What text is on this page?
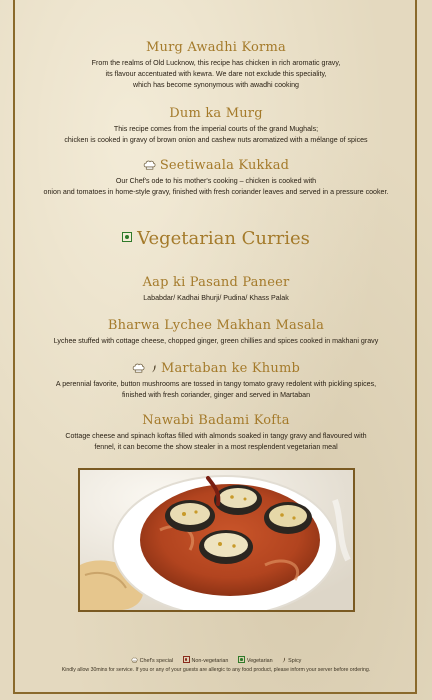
Murg Awadhi Korma
From the realms of Old Lucknow, this recipe has chicken in rich aromatic gravy,
its flavour accentuated with kewra. We dare not exclude this speciality,
which has become synonymous with awadhi cooking
Dum ka Murg
This recipe comes from the imperial courts of the grand Mughals;
chicken is cooked in gravy of brown onion and cashew nuts aromatized with a mélange of spices
Seetiwaala Kukkad
Our Chef's ode to his mother's cooking – chicken is cooked with
onion and tomatoes in home-style gravy, finished with fresh coriander leaves and served in a pressure cooker.
Vegetarian Curries
Aap ki Pasand Paneer
Lababdar/ Kadhai Bhurji/ Pudina/ Khass Palak
Bharwa Lychee Makhan Masala
Lychee stuffed with cottage cheese, chopped ginger, green chillies and spices cooked in makhani gravy
Martaban ke Khumb
A perennial favorite, button mushrooms are tossed in tangy tomato gravy redolent with pickling spices,
finished with fresh coriander, ginger and served in Martaban
Nawabi Badami Kofta
Cottage cheese and spinach koftas filled with almonds soaked in tangy gravy and flavoured with
fennel, it can become the show stealer in a most resplendent vegetarian meal
Chef's special	Non-vegetarian	Vegetarian	Spicy
Kindly allow 30mins for service. If you or any of your guests are allergic to any food product, please inform your server before ordering.
